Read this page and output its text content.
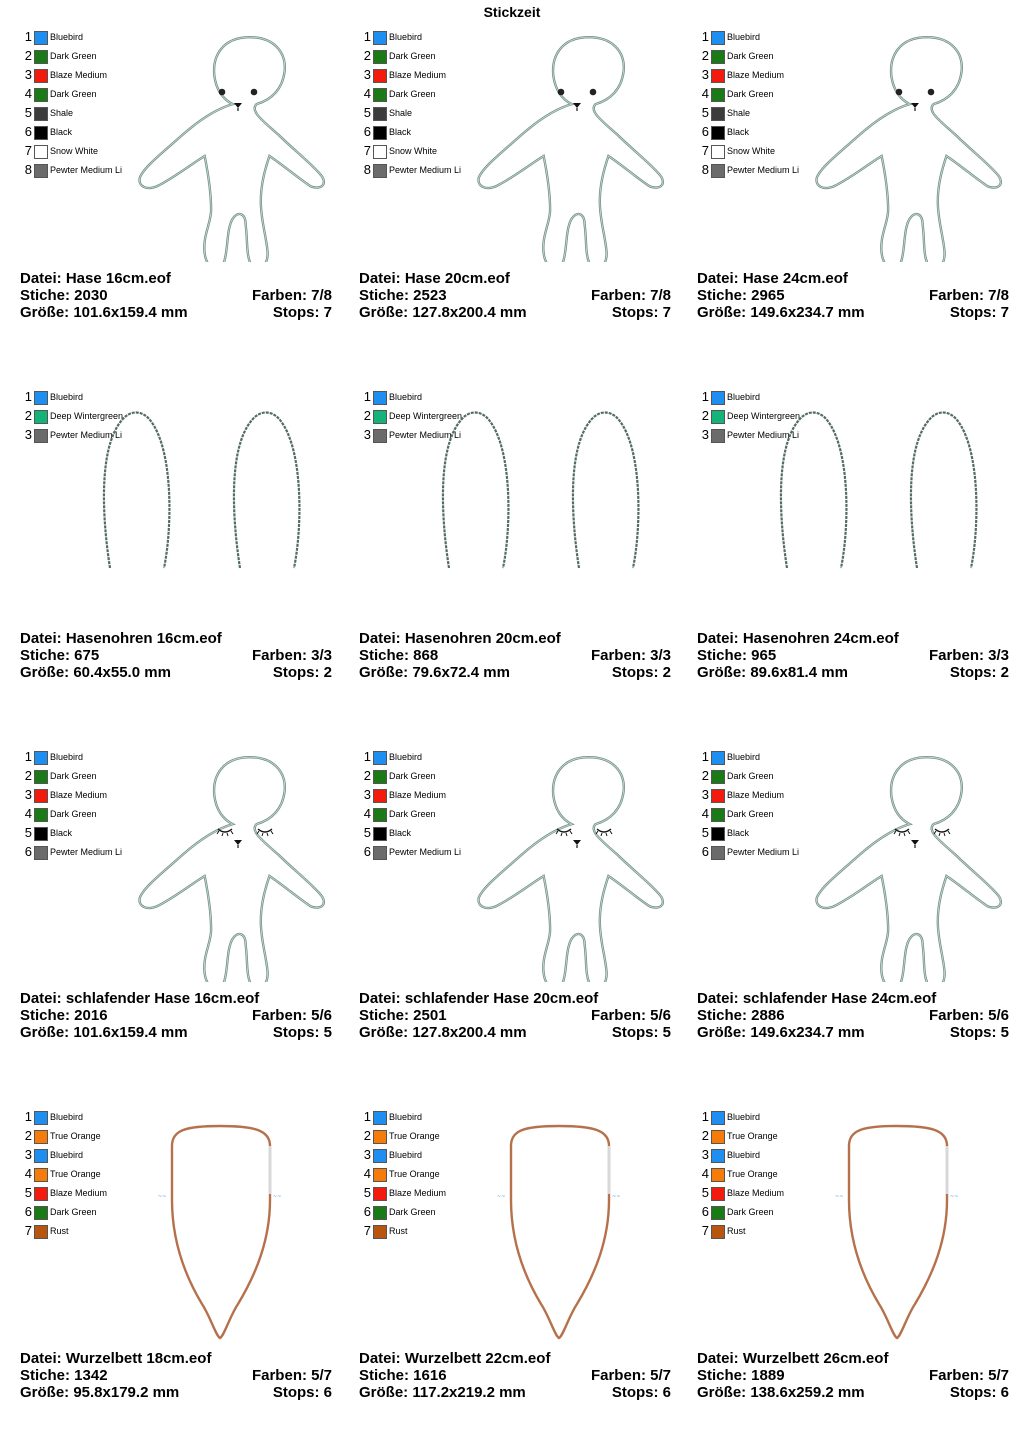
Stickzeit
1 Bluebird
2 Dark Green
3 Blaze Medium
4 Dark Green
5 Shale
6 Black
7 Snow White
8 Pewter Medium Li
Datei: Hase 16cm.eof
Stiche: 2030	Farben: 7/8
Größe: 101.6x159.4 mm	Stops: 7
1 Bluebird
2 Dark Green
3 Blaze Medium
4 Dark Green
5 Shale
6 Black
7 Snow White
8 Pewter Medium Li
Datei: Hase 20cm.eof
Stiche: 2523	Farben: 7/8
Größe: 127.8x200.4 mm	Stops: 7
1 Bluebird
2 Dark Green
3 Blaze Medium
4 Dark Green
5 Shale
6 Black
7 Snow White
8 Pewter Medium Li
Datei: Hase 24cm.eof
Stiche: 2965	Farben: 7/8
Größe: 149.6x234.7 mm	Stops: 7
1 Bluebird
2 Deep Wintergreen
3 Pewter Medium Li
Datei: Hasenohren 16cm.eof
Stiche: 675	Farben: 3/3
Größe: 60.4x55.0 mm	Stops: 2
1 Bluebird
2 Deep Wintergreen
3 Pewter Medium Li
Datei: Hasenohren 20cm.eof
Stiche: 868	Farben: 3/3
Größe: 79.6x72.4 mm	Stops: 2
1 Bluebird
2 Deep Wintergreen
3 Pewter Medium Li
Datei: Hasenohren 24cm.eof
Stiche: 965	Farben: 3/3
Größe: 89.6x81.4 mm	Stops: 2
1 Bluebird
2 Dark Green
3 Blaze Medium
4 Dark Green
5 Black
6 Pewter Medium Li
Datei: schlafender Hase 16cm.eof
Stiche: 2016	Farben: 5/6
Größe: 101.6x159.4 mm	Stops: 5
1 Bluebird
2 Dark Green
3 Blaze Medium
4 Dark Green
5 Black
6 Pewter Medium Li
Datei: schlafender Hase 20cm.eof
Stiche: 2501	Farben: 5/6
Größe: 127.8x200.4 mm	Stops: 5
1 Bluebird
2 Dark Green
3 Blaze Medium
4 Dark Green
5 Black
6 Pewter Medium Li
Datei: schlafender Hase 24cm.eof
Stiche: 2886	Farben: 5/6
Größe: 149.6x234.7 mm	Stops: 5
1 Bluebird
2 True Orange
3 Bluebird
4 True Orange
5 Blaze Medium
6 Dark Green
7 Rust
~~	~~
Datei: Wurzelbett 18cm.eof
Stiche: 1342	Farben: 5/7
Größe: 95.8x179.2 mm	Stops: 6
1 Bluebird
2 True Orange
3 Bluebird
4 True Orange
5 Blaze Medium
6 Dark Green
7 Rust
~~	~~
Datei: Wurzelbett 22cm.eof
Stiche: 1616	Farben: 5/7
Größe: 117.2x219.2 mm	Stops: 6
1 Bluebird
2 True Orange
3 Bluebird
4 True Orange
5 Blaze Medium
6 Dark Green
7 Rust
~~	~~
Datei: Wurzelbett 26cm.eof
Stiche: 1889	Farben: 5/7
Größe: 138.6x259.2 mm	Stops: 6
